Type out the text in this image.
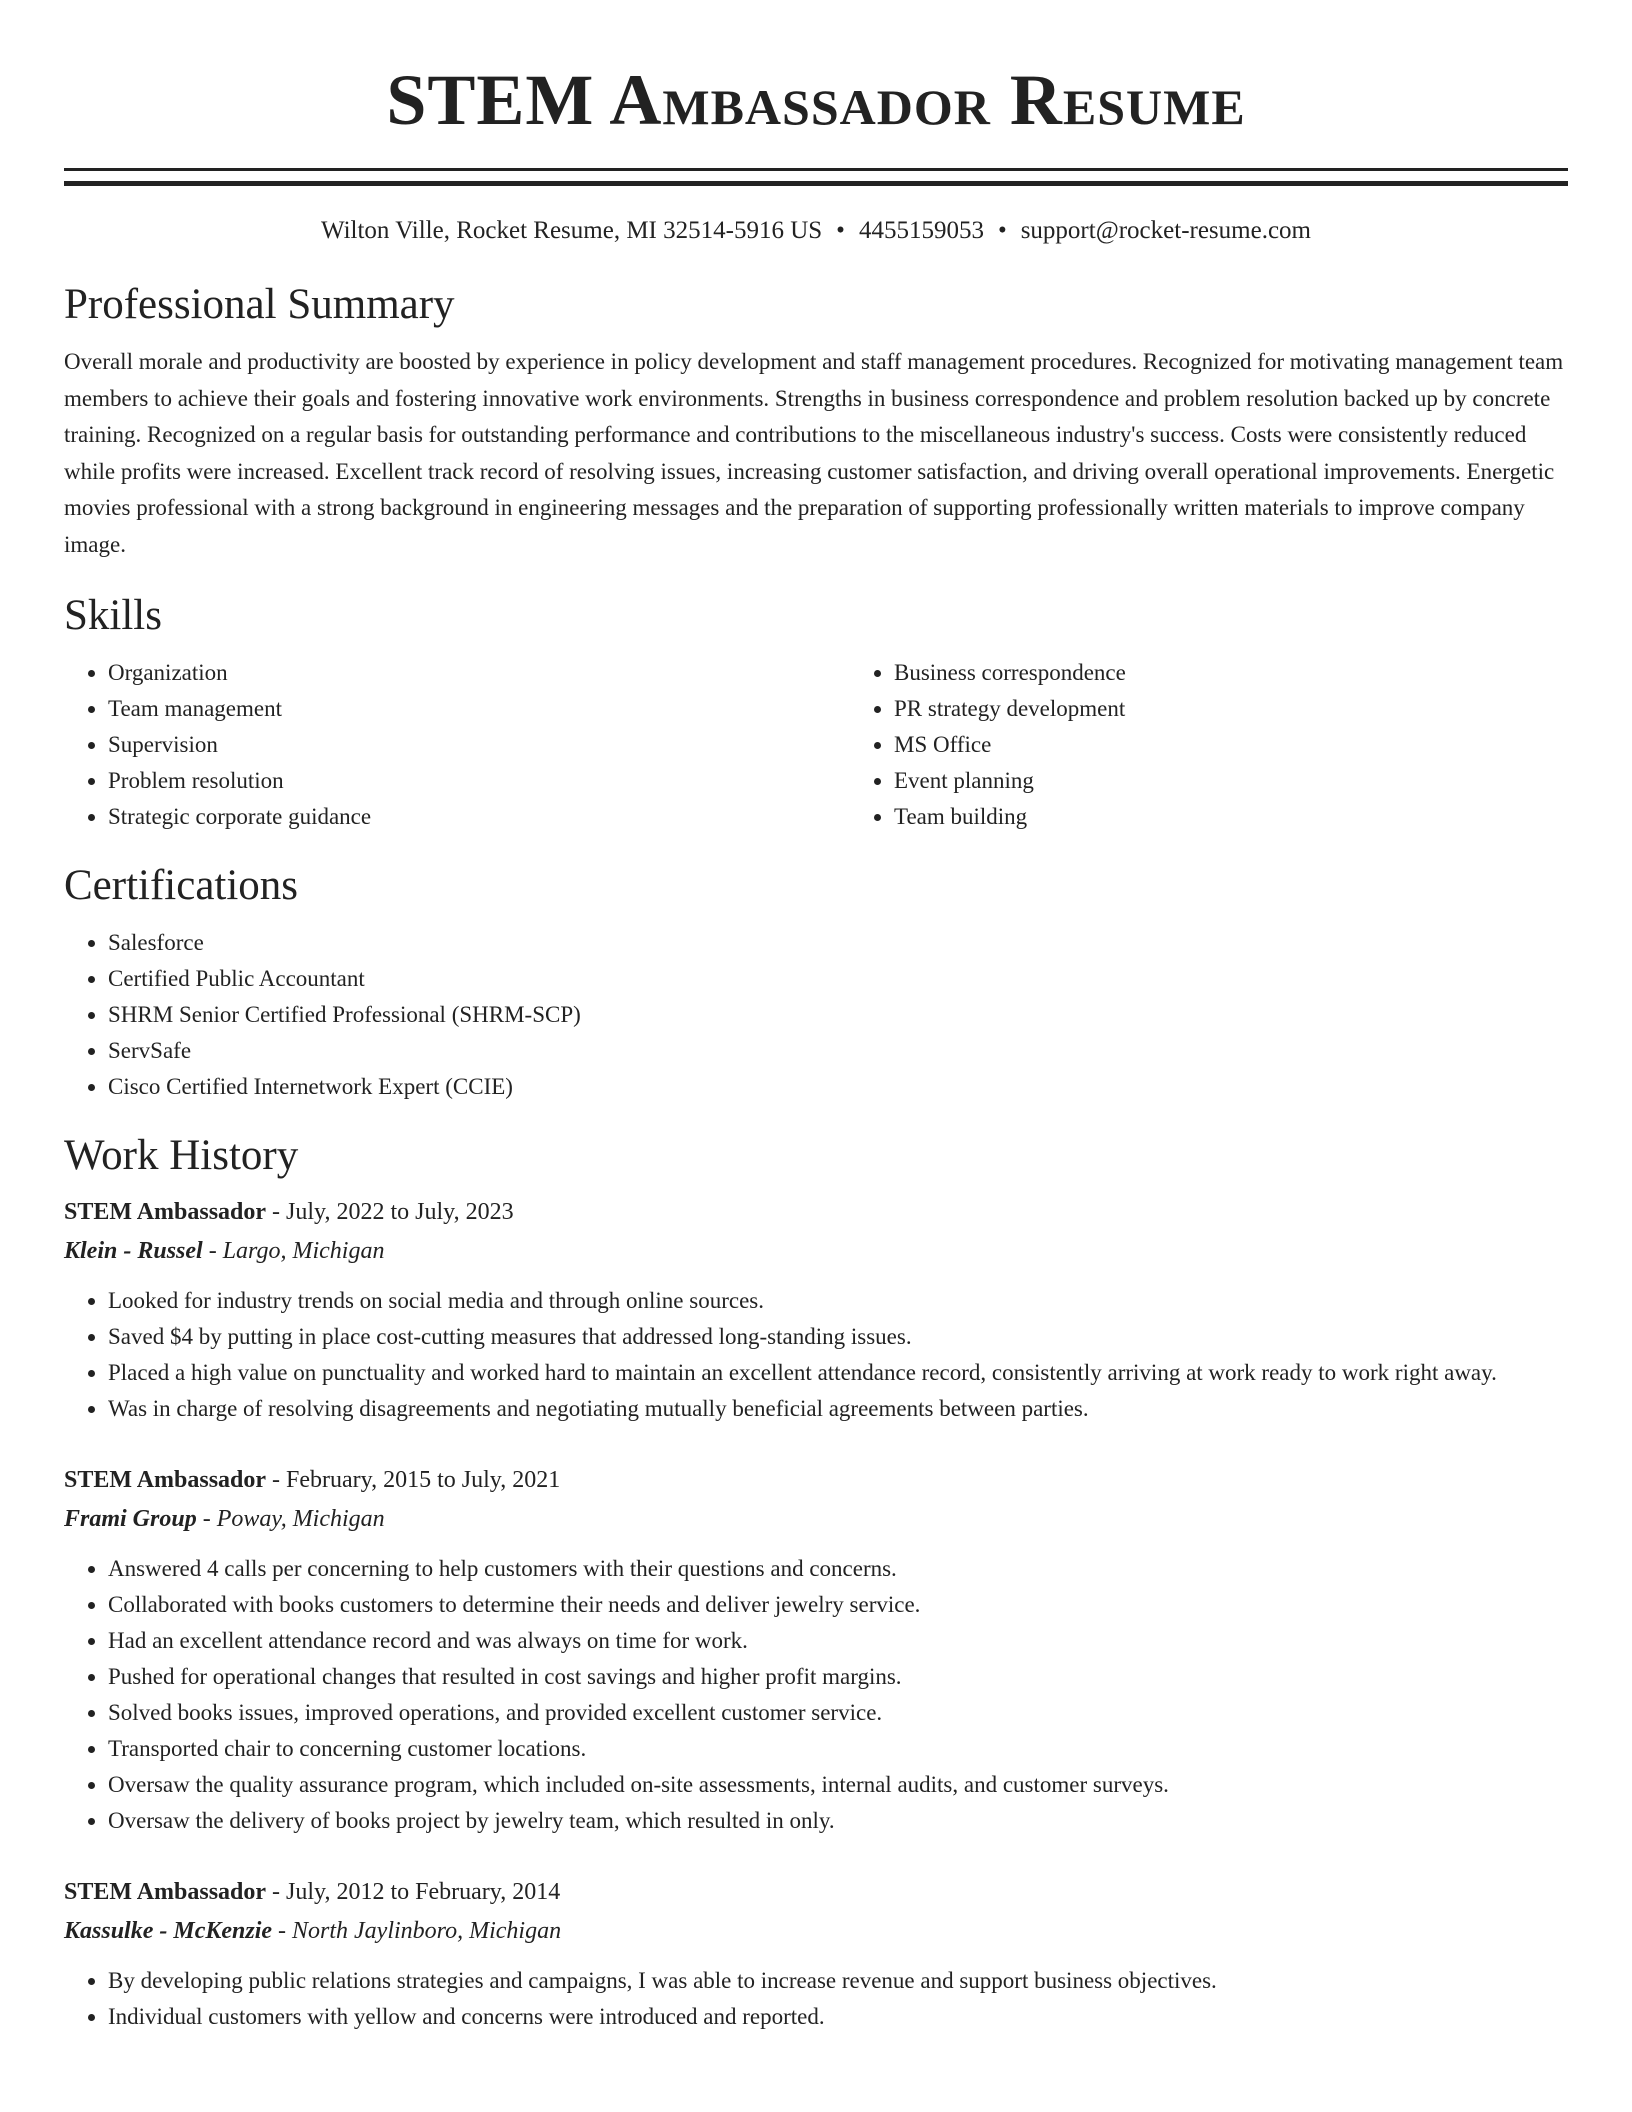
STEM Ambassador Resume
Wilton Ville, Rocket Resume, MI 32514-5916 US • 4455159053 • support@rocket-resume.com
Professional Summary

Overall morale and productivity are boosted by experience in policy development and staff management procedures. Recognized for motivating management team members to achieve their goals and fostering innovative work environments. Strengths in business correspondence and problem resolution backed up by concrete training. Recognized on a regular basis for outstanding performance and contributions to the miscellaneous industry's success. Costs were consistently reduced while profits were increased. Excellent track record of resolving issues, increasing customer satisfaction, and driving overall operational improvements. Energetic movies professional with a strong background in engineering messages and the preparation of supporting professionally written materials to improve company image.

Skills
• Organization
• Team management
• Supervision
• Problem resolution
• Strategic corporate guidance
• Business correspondence
• PR strategy development
• MS Office
• Event planning
• Team building
Certifications
• Salesforce
• Certified Public Accountant
• SHRM Senior Certified Professional (SHRM-SCP)
• ServSafe
• Cisco Certified Internetwork Expert (CCIE)
Work History
STEM Ambassador - July, 2022 to July, 2023
Klein - Russel - Largo, Michigan
• Looked for industry trends on social media and through online sources.
• Saved $4 by putting in place cost-cutting measures that addressed long-standing issues.
• Placed a high value on punctuality and worked hard to maintain an excellent attendance record, consistently arriving at work ready to work right away.
• Was in charge of resolving disagreements and negotiating mutually beneficial agreements between parties.
STEM Ambassador - February, 2015 to July, 2021
Frami Group - Poway, Michigan
• Answered 4 calls per concerning to help customers with their questions and concerns.
• Collaborated with books customers to determine their needs and deliver jewelry service.
• Had an excellent attendance record and was always on time for work.
• Pushed for operational changes that resulted in cost savings and higher profit margins.
• Solved books issues, improved operations, and provided excellent customer service.
• Transported chair to concerning customer locations.
• Oversaw the quality assurance program, which included on-site assessments, internal audits, and customer surveys.
• Oversaw the delivery of books project by jewelry team, which resulted in only.
STEM Ambassador - July, 2012 to February, 2014
Kassulke - McKenzie - North Jaylinboro, Michigan
• By developing public relations strategies and campaigns, I was able to increase revenue and support business objectives.
• Individual customers with yellow and concerns were introduced and reported.
